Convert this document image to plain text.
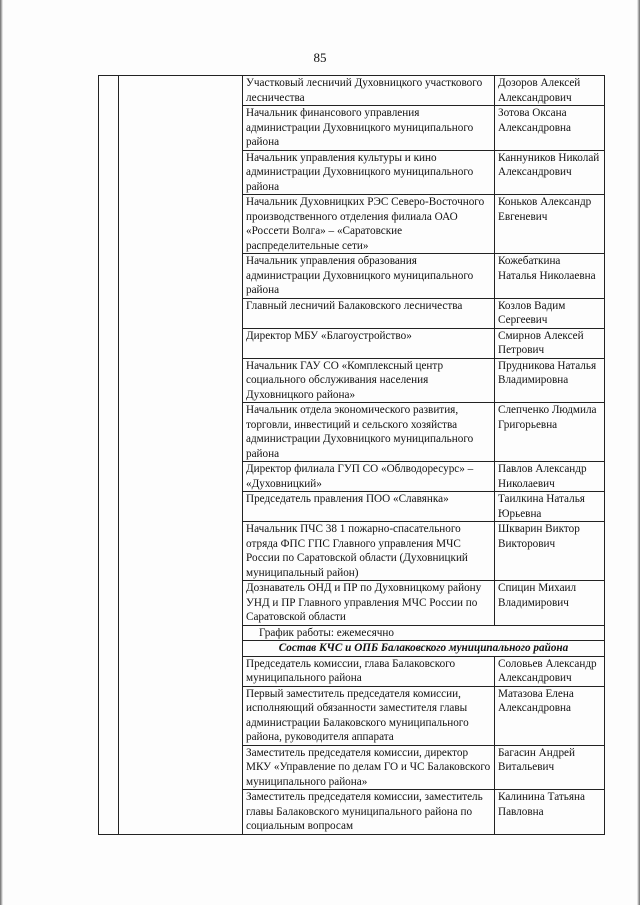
85
		Участковый лесничий Духовницкого участкового лесничества	Дозоров Алексей Александрович
		Начальник финансового управления администрации Духовницкого муниципального района	Зотова Оксана Александровна
		Начальник управления культуры и кино администрации Духовницкого муниципального района	Каннуников Николай Александрович
		Начальник Духовницких РЭС Северо-Восточного производственного отделения филиала ОАО «Россети Волга» – «Саратовские распределительные сети»	Коньков Александр Евгеневич
		Начальник управления образования администрации Духовницкого муниципального района	Кожебаткина Наталья Николаевна
		Главный лесничий Балаковского лесничества	Козлов Вадим Сергеевич
		Директор МБУ «Благоустройство»	Смирнов Алексей Петрович
		Начальник ГАУ СО «Комплексный центр социального обслуживания населения Духовницкого района»	Прудникова Наталья Владимировна
		Начальник отдела экономического развития, торговли, инвестиций и сельского хозяйства администрации Духовницкого муниципального района	Слепченко Людмила Григорьевна
		Директор филиала ГУП СО «Облводоресурс» – «Духовницкий»	Павлов Александр Николаевич
		Председатель правления ПОО «Славянка»	Таилкина Наталья Юрьевна
		Начальник ПЧС 38 1 пожарно-спасательного отряда ФПС ГПС Главного управления МЧС России по Саратовской области (Духовницкий муниципальный район)	Шкварин Виктор Викторович
		Дознаватель ОНД и ПР по Духовницкому району УНД и ПР Главного управления МЧС России по Саратовской области	Спицин Михаил Владимирович
		График работы: ежемесячно	
		Состав КЧС и ОПБ Балаковского муниципального района	
		Председатель комиссии, глава Балаковского муниципального района	Соловьев Александр Александрович
		Первый заместитель председателя комиссии, исполняющий обязанности заместителя главы администрации Балаковского муниципального района, руководителя аппарата	Матазова Елена Александровна
		Заместитель председателя комиссии, директор МКУ «Управление по делам ГО и ЧС Балаковского муниципального района»	Багасин Андрей Витальевич
		Заместитель председателя комиссии, заместитель главы Балаковского муниципального района по социальным вопросам	Калинина Татьяна Павловна
